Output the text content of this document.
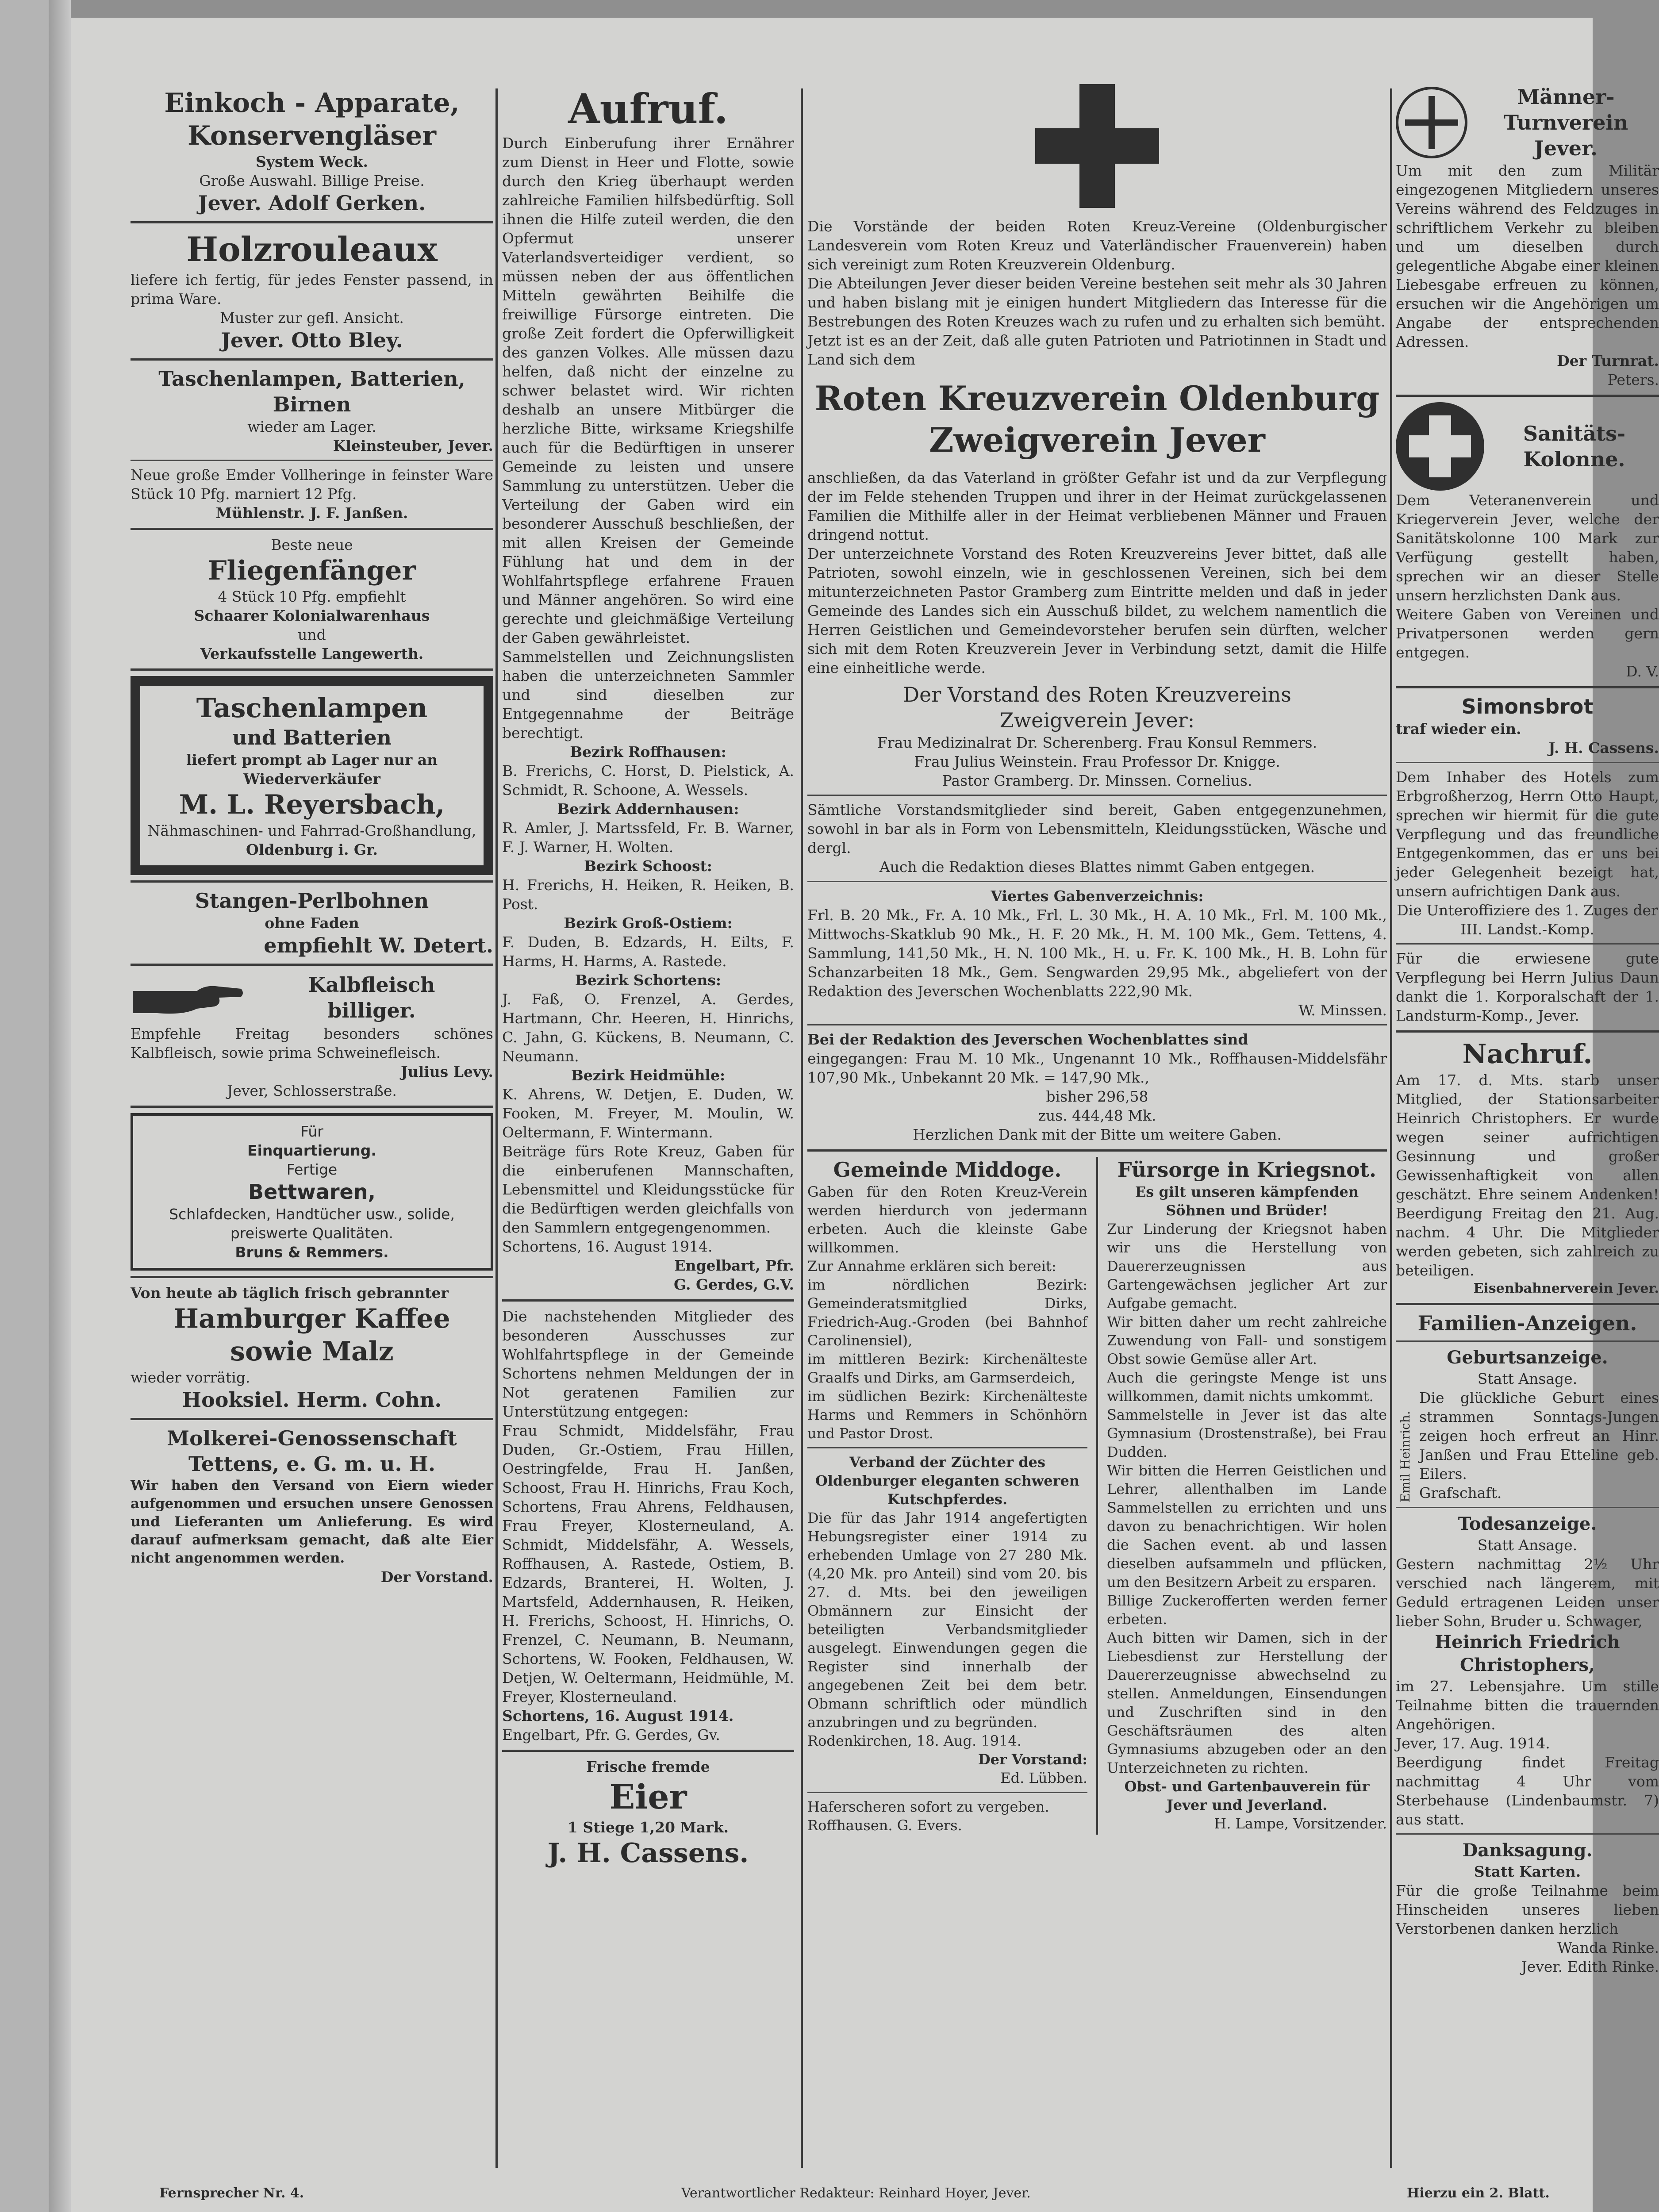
Einkoch - Apparate,
Konservengläser
System Weck.
Große Auswahl. Billige Preise.
Jever. Adolf Gerken.
Holzrouleaux
liefere ich fertig, für jedes Fenster passend, in prima Ware.
Muster zur gefl. Ansicht.
Jever. Otto Bley.
Taschenlampen, Batterien, Birnen
wieder am Lager.
Kleinsteuber, Jever.
Neue große Emder Vollheringe in feinster Ware Stück 10 Pfg. marniert 12 Pfg.
Mühlenstr. J. F. Janßen.
Beste neue
Fliegenfänger
4 Stück 10 Pfg. empfiehlt
Schaarer Kolonialwarenhaus
und
Verkaufsstelle Langewerth.
Taschenlampen
und Batterien
liefert prompt ab Lager nur an Wiederverkäufer
M. L. Reyersbach,
Nähmaschinen- und Fahrrad-Großhandlung,
Oldenburg i. Gr.
Stangen-Perlbohnen
ohne Faden
empfiehlt W. Detert.
Kalbfleisch
billiger.
Empfehle Freitag besonders schönes Kalbfleisch, sowie prima Schweinefleisch.
Julius Levy.
Jever, Schlosserstraße.
Für
Einquartierung.
Fertige
Bettwaren,
Schlafdecken, Handtücher usw., solide, preiswerte Qualitäten.
Bruns & Remmers.
Von heute ab täglich frisch gebrannter
Hamburger Kaffee
sowie Malz
wieder vorrätig.
Hooksiel. Herm. Cohn.
Molkerei-Genossenschaft
Tettens, e. G. m. u. H.
Wir haben den Versand von Eiern wieder aufgenommen und ersuchen unsere Genossen und Lieferanten um Anlieferung. Es wird darauf aufmerksam gemacht, daß alte Eier nicht angenommen werden.
Der Vorstand.
Aufruf.
Durch Einberufung ihrer Ernährer zum Dienst in Heer und Flotte, sowie durch den Krieg überhaupt werden zahlreiche Familien hilfsbedürftig. Soll ihnen die Hilfe zuteil werden, die den Opfermut unserer Vaterlandsverteidiger verdient, so müssen neben der aus öffentlichen Mitteln gewährten Beihilfe die freiwillige Fürsorge eintreten. Die große Zeit fordert die Opferwilligkeit des ganzen Volkes. Alle müssen dazu helfen, daß nicht der einzelne zu schwer belastet wird. Wir richten deshalb an unsere Mitbürger die herzliche Bitte, wirksame Kriegshilfe auch für die Bedürftigen in unserer Gemeinde zu leisten und unsere Sammlung zu unterstützen. Ueber die Verteilung der Gaben wird ein besonderer Ausschuß beschließen, der mit allen Kreisen der Gemeinde Fühlung hat und dem in der Wohlfahrtspflege erfahrene Frauen und Männer angehören. So wird eine gerechte und gleichmäßige Verteilung der Gaben gewährleistet.
Sammelstellen und Zeichnungslisten haben die unterzeichneten Sammler und sind dieselben zur Entgegennahme der Beiträge berechtigt.
Bezirk Roffhausen:
B. Frerichs, C. Horst, D. Pielstick, A. Schmidt, R. Schoone, A. Wessels.
Bezirk Addernhausen:
R. Amler, J. Martssfeld, Fr. B. Warner, F. J. Warner, H. Wolten.
Bezirk Schoost:
H. Frerichs, H. Heiken, R. Heiken, B. Post.
Bezirk Groß-Ostiem:
F. Duden, B. Edzards, H. Eilts, F. Harms, H. Harms, A. Rastede.
Bezirk Schortens:
J. Faß, O. Frenzel, A. Gerdes, Hartmann, Chr. Heeren, H. Hinrichs, C. Jahn, G. Kückens, B. Neumann, C. Neumann.
Bezirk Heidmühle:
K. Ahrens, W. Detjen, E. Duden, W. Fooken, M. Freyer, M. Moulin, W. Oeltermann, F. Wintermann.
Beiträge fürs Rote Kreuz, Gaben für die einberufenen Mannschaften, Lebensmittel und Kleidungsstücke für die Bedürftigen werden gleichfalls von den Sammlern entgegengenommen.
Schortens, 16. August 1914.
Engelbart, Pfr.
G. Gerdes, G.V.
Die nachstehenden Mitglieder des besonderen Ausschusses zur Wohlfahrtspflege in der Gemeinde Schortens nehmen Meldungen der in Not geratenen Familien zur Unterstützung entgegen:
Frau Schmidt, Middelsfähr, Frau Duden, Gr.-Ostiem, Frau Hillen, Oestringfelde, Frau H. Janßen, Schoost, Frau H. Hinrichs, Frau Koch, Schortens, Frau Ahrens, Feldhausen, Frau Freyer, Klosterneuland, A. Schmidt, Middelsfähr, A. Wessels, Roffhausen, A. Rastede, Ostiem, B. Edzards, Branterei, H. Wolten, J. Martsfeld, Addernhausen, R. Heiken, H. Frerichs, Schoost, H. Hinrichs, O. Frenzel, C. Neumann, B. Neumann, Schortens, W. Fooken, Feldhausen, W. Detjen, W. Oeltermann, Heidmühle, M. Freyer, Klosterneuland.
Schortens, 16. August 1914.
Engelbart, Pfr. G. Gerdes, Gv.
Frische fremde
Eier
1 Stiege 1,20 Mark.
J. H. Cassens.
Die Vorstände der beiden Roten Kreuz-Vereine (Oldenburgischer Landesverein vom Roten Kreuz und Vaterländischer Frauenverein) haben sich vereinigt zum Roten Kreuzverein Oldenburg.
Die Abteilungen Jever dieser beiden Vereine bestehen seit mehr als 30 Jahren und haben bislang mit je einigen hundert Mitgliedern das Interesse für die Bestrebungen des Roten Kreuzes wach zu rufen und zu erhalten sich bemüht.
Jetzt ist es an der Zeit, daß alle guten Patrioten und Patriotinnen in Stadt und Land sich dem
Roten Kreuzverein Oldenburg
Zweigverein Jever
anschließen, da das Vaterland in größter Gefahr ist und da zur Verpflegung der im Felde stehenden Truppen und ihrer in der Heimat zurückgelassenen Familien die Mithilfe aller in der Heimat verbliebenen Männer und Frauen dringend nottut.
Der unterzeichnete Vorstand des Roten Kreuzvereins Jever bittet, daß alle Patrioten, sowohl einzeln, wie in geschlossenen Vereinen, sich bei dem mitunterzeichneten Pastor Gramberg zum Eintritte melden und daß in jeder Gemeinde des Landes sich ein Ausschuß bildet, zu welchem namentlich die Herren Geistlichen und Gemeindevorsteher berufen sein dürften, welcher sich mit dem Roten Kreuzverein Jever in Verbindung setzt, damit die Hilfe eine einheitliche werde.
Der Vorstand des Roten Kreuzvereins
Zweigverein Jever:
Frau Medizinalrat Dr. Scherenberg. Frau Konsul Remmers.
Frau Julius Weinstein. Frau Professor Dr. Knigge.
Pastor Gramberg. Dr. Minssen. Cornelius.
Sämtliche Vorstandsmitglieder sind bereit, Gaben entgegenzunehmen, sowohl in bar als in Form von Lebensmitteln, Kleidungsstücken, Wäsche und dergl.
Auch die Redaktion dieses Blattes nimmt Gaben entgegen.
Viertes Gabenverzeichnis:
Frl. B. 20 Mk., Fr. A. 10 Mk., Frl. L. 30 Mk., H. A. 10 Mk., Frl. M. 100 Mk., Mittwochs-Skatklub 90 Mk., H. F. 20 Mk., H. M. 100 Mk., Gem. Tettens, 4. Sammlung, 141,50 Mk., H. N. 100 Mk., H. u. Fr. K. 100 Mk., H. B. Lohn für Schanzarbeiten 18 Mk., Gem. Sengwarden 29,95 Mk., abgeliefert von der Redaktion des Jeverschen Wochenblatts 222,90 Mk.
W. Minssen.
Bei der Redaktion des Jeverschen Wochenblattes sind
eingegangen: Frau M. 10 Mk., Ungenannt 10 Mk., Roffhausen-Middelsfähr 107,90 Mk., Unbekannt 20 Mk. = 147,90 Mk.,
bisher 296,58
zus. 444,48 Mk.
Herzlichen Dank mit der Bitte um weitere Gaben.
Gemeinde Middoge.
Gaben für den Roten Kreuz-Verein werden hierdurch von jedermann erbeten. Auch die kleinste Gabe willkommen.
Zur Annahme erklären sich bereit:
im nördlichen Bezirk: Gemeinderatsmitglied Dirks, Friedrich-Aug.-Groden (bei Bahnhof Carolinensiel),
im mittleren Bezirk: Kirchenälteste Graalfs und Dirks, am Garmserdeich,
im südlichen Bezirk: Kirchenälteste Harms und Remmers in Schönhörn und Pastor Drost.
Verband der Züchter des Oldenburger eleganten schweren Kutschpferdes.
Die für das Jahr 1914 angefertigten Hebungsregister einer 1914 zu erhebenden Umlage von 27 280 Mk. (4,20 Mk. pro Anteil) sind vom 20. bis 27. d. Mts. bei den jeweiligen Obmännern zur Einsicht der beteiligten Verbandsmitglieder ausgelegt. Einwendungen gegen die Register sind innerhalb der angegebenen Zeit bei dem betr. Obmann schriftlich oder mündlich anzubringen und zu begründen.
Rodenkirchen, 18. Aug. 1914.
Der Vorstand:
Ed. Lübben.
Haferscheren sofort zu vergeben.
Roffhausen. G. Evers.
Fürsorge in Kriegsnot.
Es gilt unseren kämpfenden Söhnen und Brüder!
Zur Linderung der Kriegsnot haben wir uns die Herstellung von Dauererzeugnissen aus Gartengewächsen jeglicher Art zur Aufgabe gemacht.
Wir bitten daher um recht zahlreiche Zuwendung von Fall- und sonstigem Obst sowie Gemüse aller Art.
Auch die geringste Menge ist uns willkommen, damit nichts umkommt.
Sammelstelle in Jever ist das alte Gymnasium (Drostenstraße), bei Frau Dudden.
Wir bitten die Herren Geistlichen und Lehrer, allenthalben im Lande Sammelstellen zu errichten und uns davon zu benachrichtigen. Wir holen die Sachen event. ab und lassen dieselben aufsammeln und pflücken, um den Besitzern Arbeit zu ersparen.
Billige Zuckerofferten werden ferner erbeten.
Auch bitten wir Damen, sich in der Liebesdienst zur Herstellung der Dauererzeugnisse abwechselnd zu stellen. Anmeldungen, Einsendungen und Zuschriften sind in den Geschäftsräumen des alten Gymnasiums abzugeben oder an den Unterzeichneten zu richten.
Obst- und Gartenbauverein für Jever und Jeverland.
H. Lampe, Vorsitzender.
Männer-Turnverein Jever.
Um mit den zum Militär eingezogenen Mitgliedern unseres Vereins während des Feldzuges in schriftlichem Verkehr zu bleiben und um dieselben durch gelegentliche Abgabe einer kleinen Liebesgabe erfreuen zu können, ersuchen wir die Angehörigen um Angabe der entsprechenden Adressen.
Der Turnrat.
Peters.
Sanitäts-Kolonne.
Dem Veteranenverein und Kriegerverein Jever, welche der Sanitätskolonne 100 Mark zur Verfügung gestellt haben, sprechen wir an dieser Stelle unsern herzlichsten Dank aus.
Weitere Gaben von Vereinen und Privatpersonen werden gern entgegen.
D. V.
Simonsbrot
traf wieder ein.
J. H. Cassens.
Dem Inhaber des Hotels zum Erbgroßherzog, Herrn Otto Haupt, sprechen wir hiermit für die gute Verpflegung und das freundliche Entgegenkommen, das er uns bei jeder Gelegenheit bezeigt hat, unsern aufrichtigen Dank aus.
Die Unteroffiziere des 1. Zuges der III. Landst.-Komp.
Für die erwiesene gute Verpflegung bei Herrn Julius Daun dankt die 1. Korporalschaft der 1. Landsturm-Komp., Jever.
Nachruf.
Am 17. d. Mts. starb unser Mitglied, der Stationsarbeiter Heinrich Christophers. Er wurde wegen seiner aufrichtigen Gesinnung und großer Gewissenhaftigkeit von allen geschätzt. Ehre seinem Andenken! Beerdigung Freitag den 21. Aug. nachm. 4 Uhr. Die Mitglieder werden gebeten, sich zahlreich zu beteiligen.
Eisenbahnerverein Jever.
Familien-Anzeigen.
Geburtsanzeige.
Statt Ansage.
Emil Heinrich.
Die glückliche Geburt eines strammen Sonntags-Jungen zeigen hoch erfreut an Hinr. Janßen und Frau Etteline geb. Eilers.
Grafschaft.
Todesanzeige.
Statt Ansage.
Gestern nachmittag 2½ Uhr verschied nach längerem, mit Geduld ertragenen Leiden unser lieber Sohn, Bruder u. Schwager,
Heinrich Friedrich Christophers,
im 27. Lebensjahre. Um stille Teilnahme bitten die trauernden Angehörigen.
Jever, 17. Aug. 1914.
Beerdigung findet Freitag nachmittag 4 Uhr vom Sterbehause (Lindenbaumstr. 7) aus statt.
Danksagung.
Statt Karten.
Für die große Teilnahme beim Hinscheiden unseres lieben Verstorbenen danken herzlich
Wanda Rinke.
Jever. Edith Rinke.
Fernsprecher Nr. 4.	Verantwortlicher Redakteur: Reinhard Hoyer, Jever.	Hierzu ein 2. Blatt.
